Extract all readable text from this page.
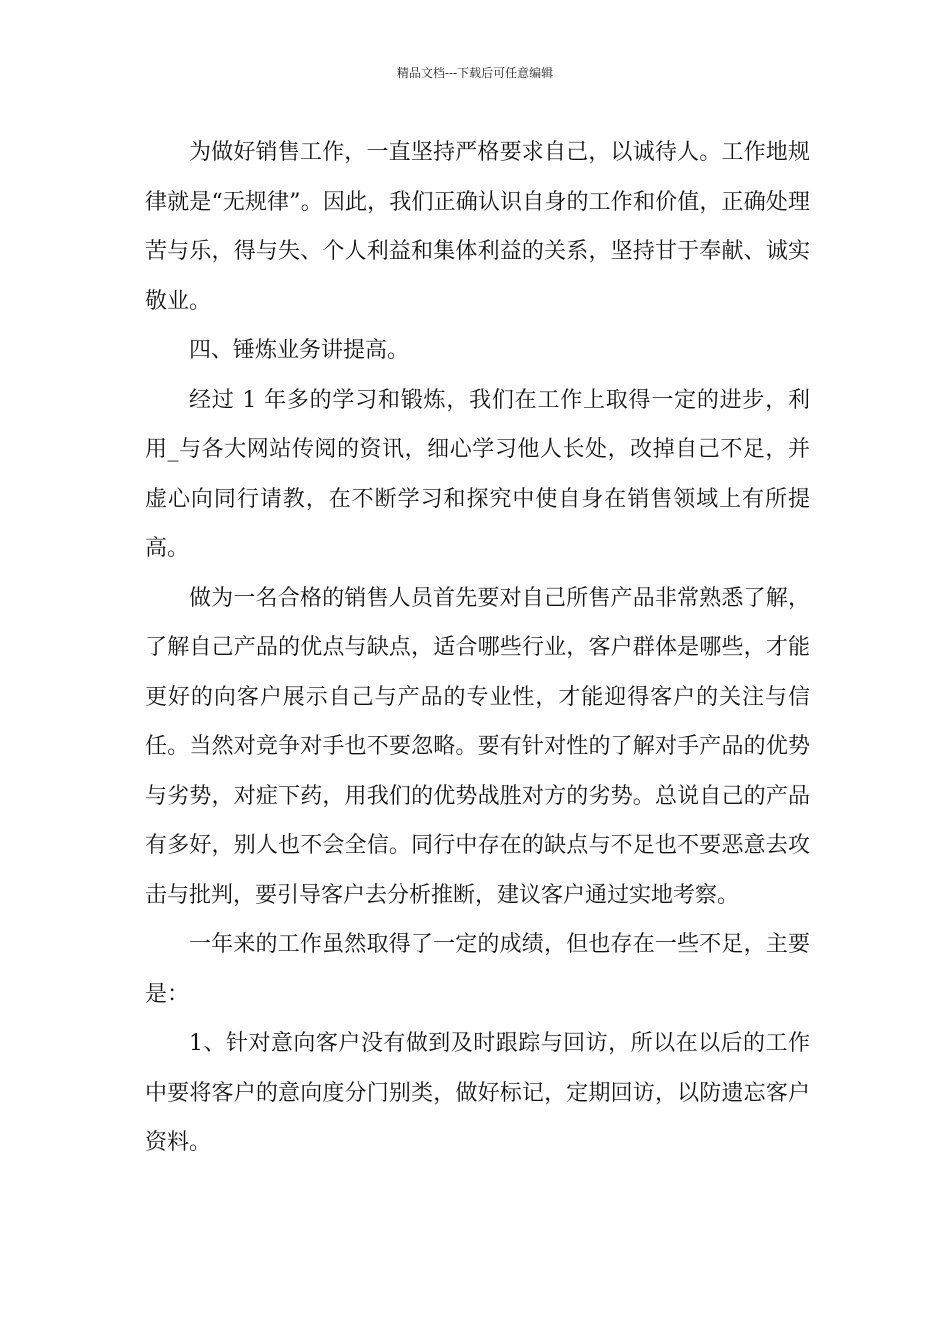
精品文档---下载后可任意编辑

为做好销售工作，一直坚持严格要求自己，以诚待人。工作地规律就是“无规律”。因此，我们正确认识自身的工作和价值，正确处理苦与乐，得与失、个人利益和集体利益的关系，坚持甘于奉献、诚实敬业。

四、锤炼业务讲提高。

经过 1 年多的学习和锻炼，我们在工作上取得一定的进步，利用_与各大网站传阅的资讯，细心学习他人长处，改掉自己不足，并虚心向同行请教，在不断学习和探究中使自身在销售领域上有所提高。

做为一名合格的销售人员首先要对自己所售产品非常熟悉了解，了解自己产品的优点与缺点，适合哪些行业，客户群体是哪些，才能更好的向客户展示自己与产品的专业性，才能迎得客户的关注与信任。当然对竞争对手也不要忽略。要有针对性的了解对手产品的优势与劣势，对症下药，用我们的优势战胜对方的劣势。总说自己的产品有多好，别人也不会全信。同行中存在的缺点与不足也不要恶意去攻击与批判，要引导客户去分析推断，建议客户通过实地考察。

一年来的工作虽然取得了一定的成绩，但也存在一些不足，主要是：

1、针对意向客户没有做到及时跟踪与回访，所以在以后的工作中要将客户的意向度分门别类，做好标记，定期回访，以防遗忘客户资料。
